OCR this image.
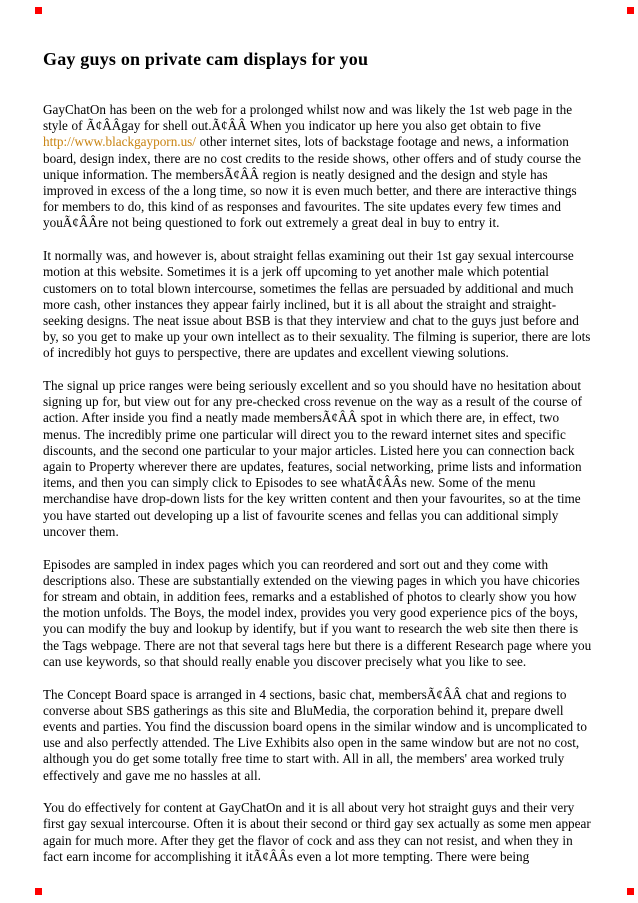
Gay guys on private cam displays for you

GayChatOn has been on the web for a prolonged whilst now and was likely the 1st web page in the style of Ã¢ÂÂgay for shell out.Ã¢ÂÂ When you indicator up here you also get obtain to five http://www.blackgayporn.us/ other internet sites, lots of backstage footage and news, a information board, design index, there are no cost credits to the reside shows, other offers and of study course the unique information. The membersÃ¢ÂÂ region is neatly designed and the design and style has improved in excess of the a long time, so now it is even much better, and there are interactive things for members to do, this kind of as responses and favourites. The site updates every few times and youÃ¢ÂÂre not being questioned to fork out extremely a great deal in buy to entry it.

It normally was, and however is, about straight fellas examining out their 1st gay sexual intercourse motion at this website. Sometimes it is a jerk off upcoming to yet another male which potential customers on to total blown intercourse, sometimes the fellas are persuaded by additional and much more cash, other instances they appear fairly inclined, but it is all about the straight and straight-seeking designs. The neat issue about BSB is that they interview and chat to the guys just before and by, so you get to make up your own intellect as to their sexuality. The filming is superior, there are lots of incredibly hot guys to perspective, there are updates and excellent viewing solutions.

The signal up price ranges were being seriously excellent and so you should have no hesitation about signing up for, but view out for any pre-checked cross revenue on the way as a result of the course of action. After inside you find a neatly made membersÃ¢ÂÂ spot in which there are, in effect, two menus. The incredibly prime one particular will direct you to the reward internet sites and specific discounts, and the second one particular to your major articles. Listed here you can connection back again to Property wherever there are updates, features, social networking, prime lists and information items, and then you can simply click to Episodes to see whatÃ¢ÂÂs new. Some of the menu merchandise have drop-down lists for the key written content and then your favourites, so at the time you have started out developing up a list of favourite scenes and fellas you can additional simply uncover them.

Episodes are sampled in index pages which you can reordered and sort out and they come with descriptions also. These are substantially extended on the viewing pages in which you have chicories for stream and obtain, in addition fees, remarks and a established of photos to clearly show you how the motion unfolds. The Boys, the model index, provides you very good experience pics of the boys, you can modify the buy and lookup by identify, but if you want to research the web site then there is the Tags webpage. There are not that several tags here but there is a different Research page where you can use keywords, so that should really enable you discover precisely what you like to see.

The Concept Board space is arranged in 4 sections, basic chat, membersÃ¢ÂÂ chat and regions to converse about SBS gatherings as this site and BluMedia, the corporation behind it, prepare dwell events and parties. You find the discussion board opens in the similar window and is uncomplicated to use and also perfectly attended. The Live Exhibits also open in the same window but are not no cost, although you do get some totally free time to start with. All in all, the members' area worked truly effectively and gave me no hassles at all.

You do effectively for content at GayChatOn and it is all about very hot straight guys and their very first gay sexual intercourse. Often it is about their second or third gay sex actually as some men appear again for much more. After they get the flavor of cock and ass they can not resist, and when they in fact earn income for accomplishing it itÃ¢ÂÂs even a lot more tempting. There were being
